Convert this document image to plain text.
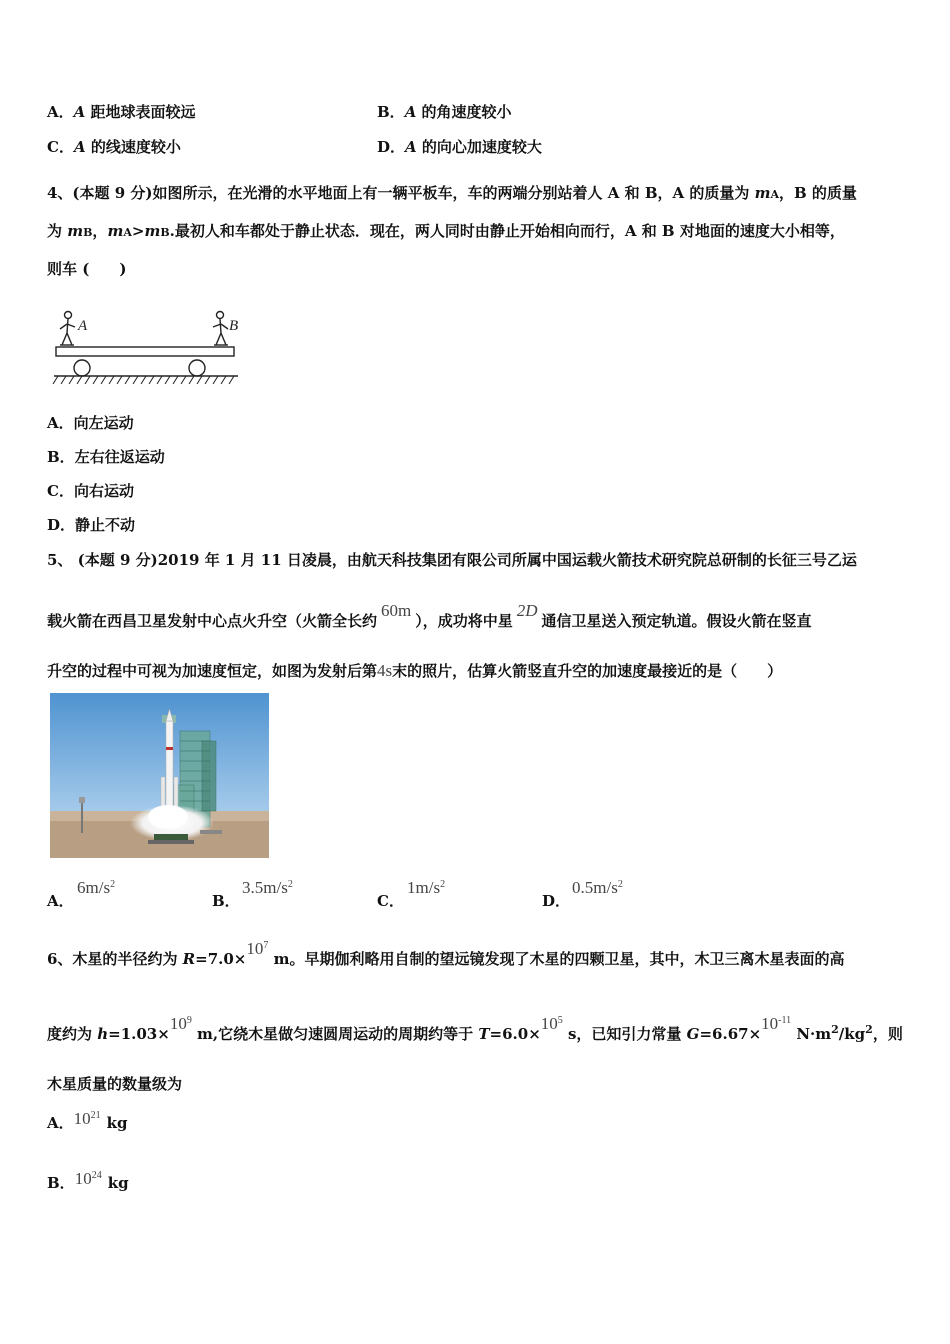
A．A 距地球表面较远	B．A 的角速度较小
C．A 的线速度较小	D．A 的向心加速度较大
4、(本题 9 分)如图所示，在光滑的水平地面上有一辆平板车，车的两端分别站着人 A 和 B，A 的质量为 mA，B 的质量
为 mB，mA>mB.最初人和车都处于静止状态．现在，两人同时由静止开始相向而行，A 和 B 对地面的速度大小相等，
则车 (　　)
A	B
A．向左运动
B．左右往返运动
C．向右运动
D．静止不动
5、 (本题 9 分)2019 年 1 月 11 日凌晨，由航天科技集团有限公司所属中国运载火箭技术研究院总研制的长征三号乙运
载火箭在西昌卫星发射中心点火升空（火箭全长约60m），成功将中星2D通信卫星送入预定轨道。假设火箭在竖直
升空的过程中可视为加速度恒定，如图为发射后第4s末的照片，估算火箭竖直升空的加速度最接近的是（　　）
A．
$6m/s^2$
B．
$3.5m/s^2$
C．
$1m/s^2$
D．
$0.5m/s^2$
6、木星的半径约为 $R=7.0\times 10^7$ m。早期伽利略用自制的望远镜发现了木星的四颗卫星，其中，木卫三离木星表面的高
度约为 $h=1.03\times 10^9$ m,它绕木星做匀速圆周运动的周期约等于 $T=6.0\times 10^5$ s，已知引力常量 $G=6.67\times 10^{-11}$ $N\cdot m^2/kg^2$，则
木星质量的数量级为
A．$10^{21}$ kg
B．$10^{24}$ kg
